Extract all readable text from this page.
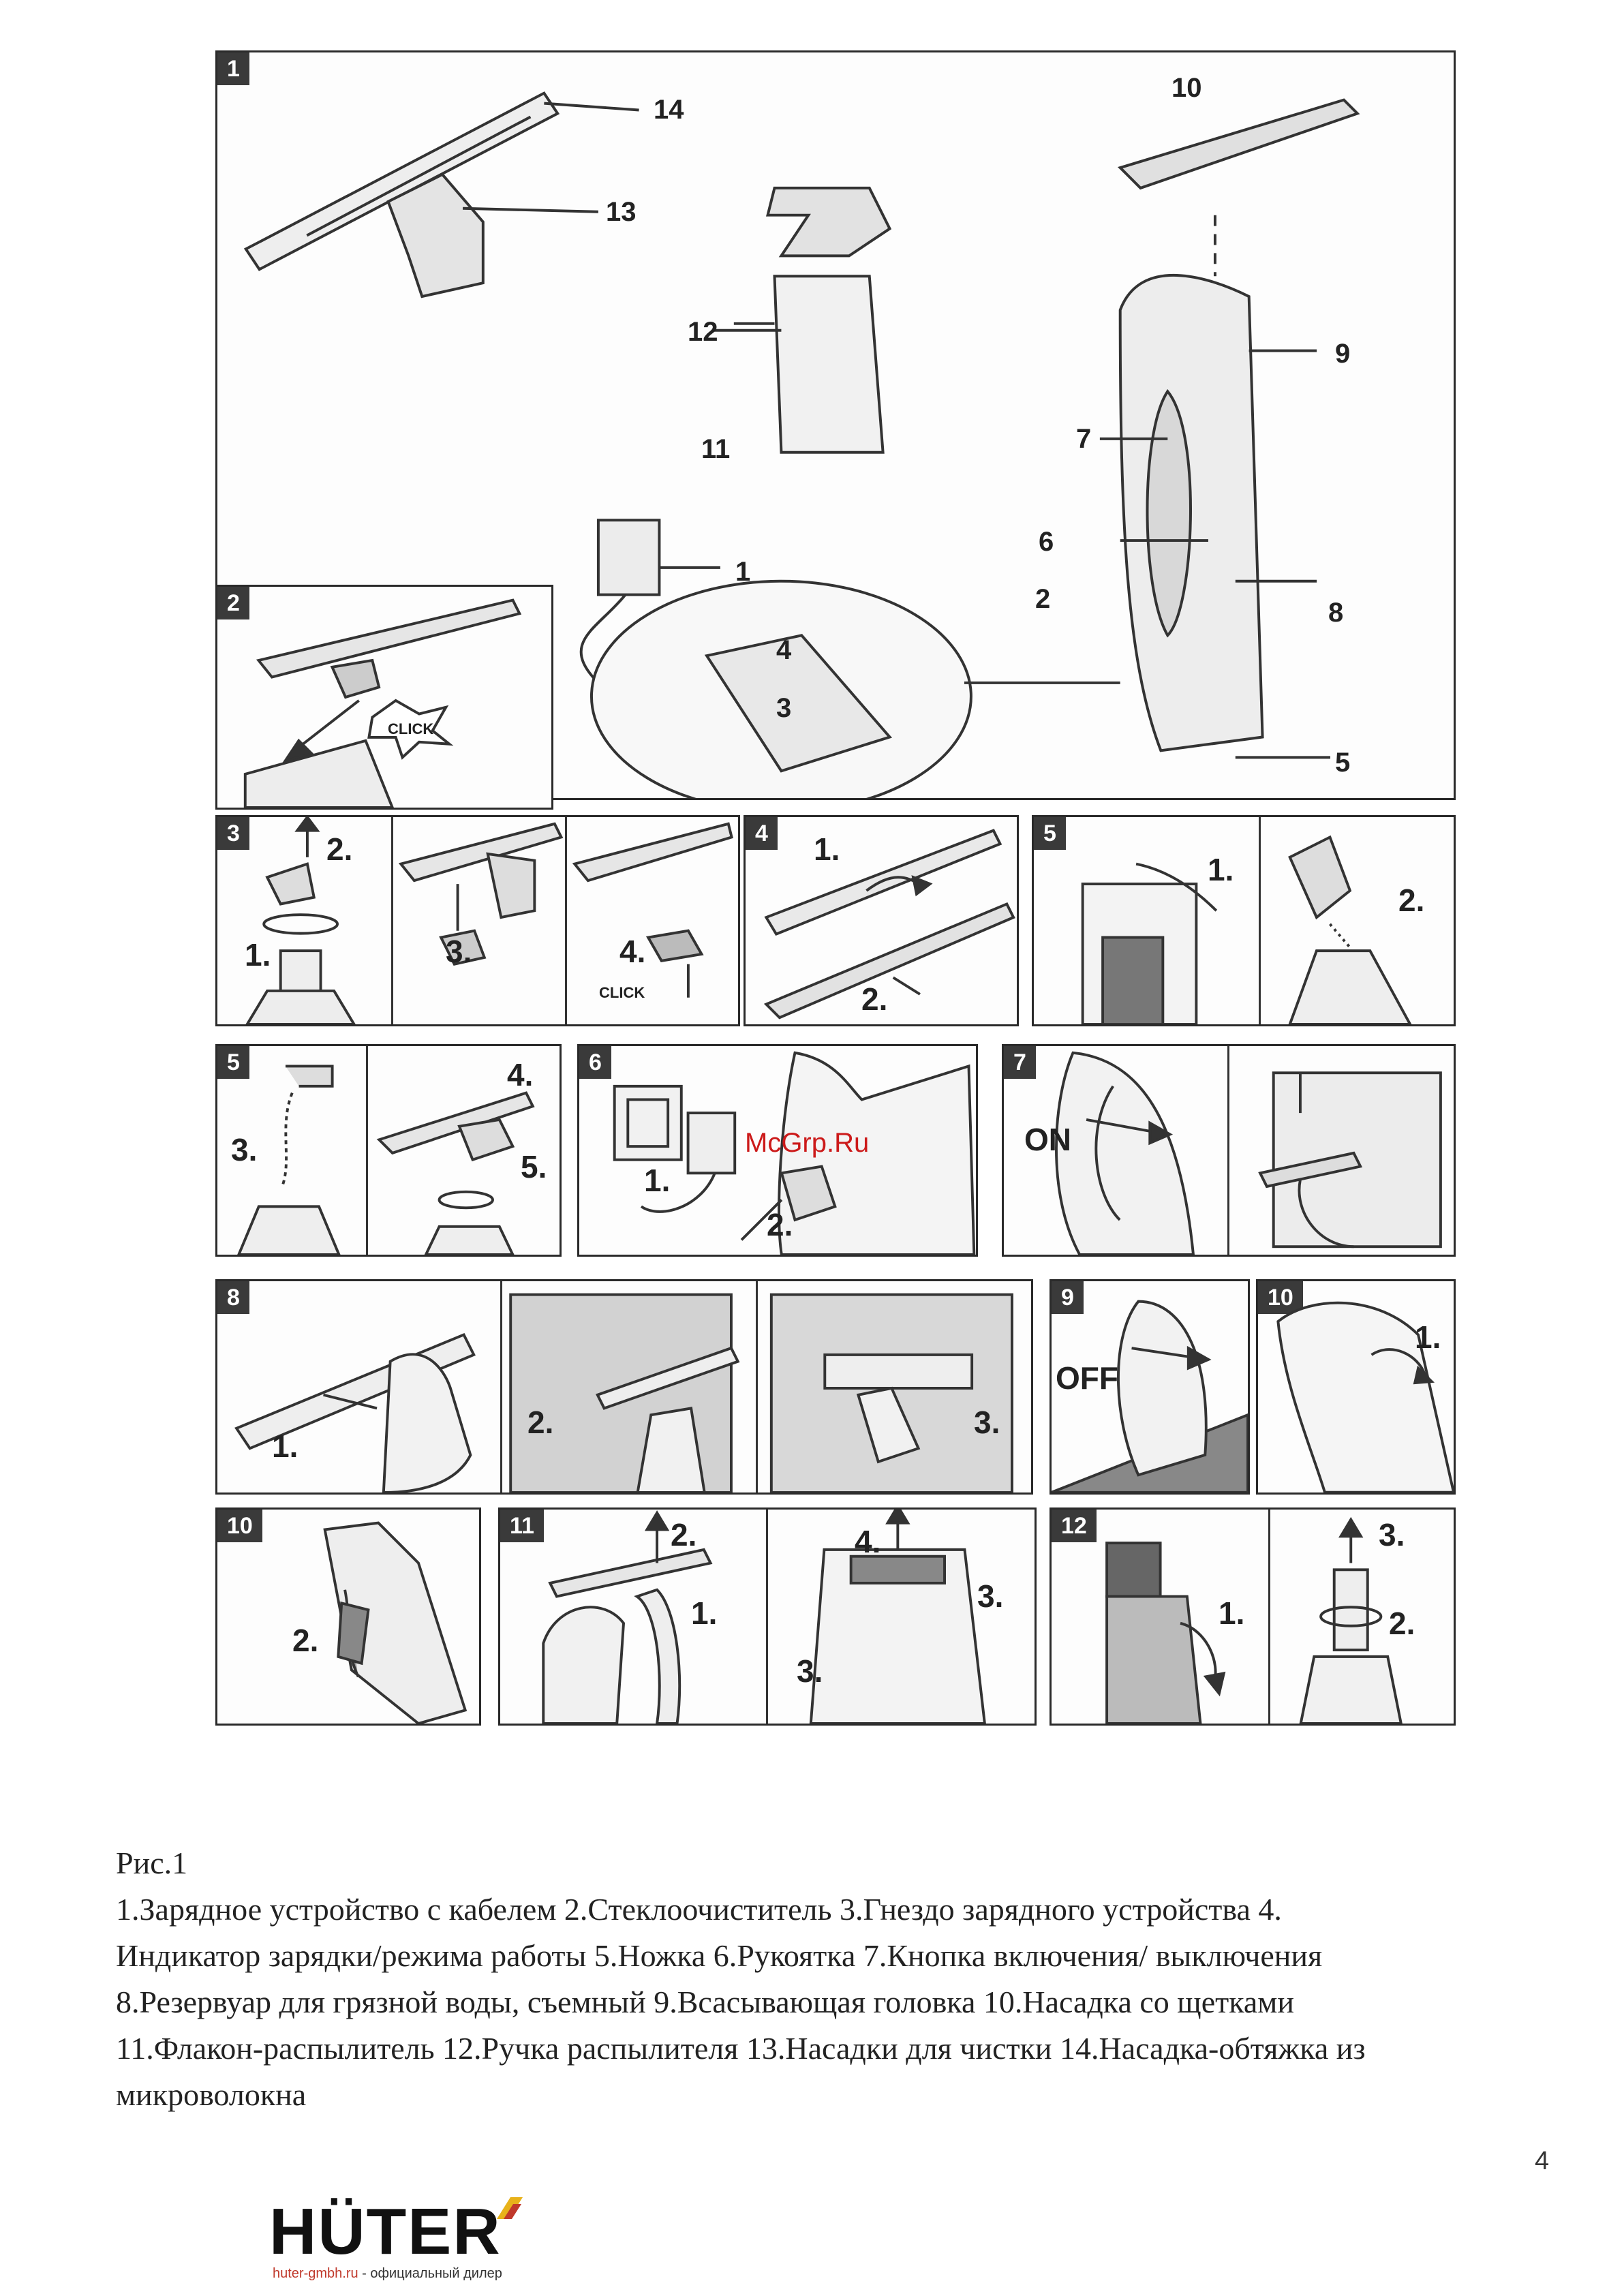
1
14
13
12
11
1
10
9
7
6
2	8
4
3
5
2
CLICK
3	2.
1.	3.	4.
CLICK
4	1.
2.
5
1.
2.
5
3.
4.
5.
6
1.
2.
7
ON
8
1.
2.	3.
9
OFF
10
1.
10
2.
11	2.
1.
4.
3.
3.
12
1.
3.
2.
McGrp.Ru

Рис.1

1.Зарядное устройство с кабелем 2.Стеклоочиститель 3.Гнездо зарядного устройства 4.

Индикатор зарядки/режима работы 5.Ножка 6.Рукоятка 7.Кнопка включения/ выключения

8.Резервуар для грязной воды, съемный 9.Всасывающая головка 10.Насадка со щетками

11.Флакон-распылитель 12.Ручка распылителя 13.Насадки для чистки 14.Насадка-обтяжка из

микроволокна

4
HÜTER
huter-gmbh.ru - официальный дилер
